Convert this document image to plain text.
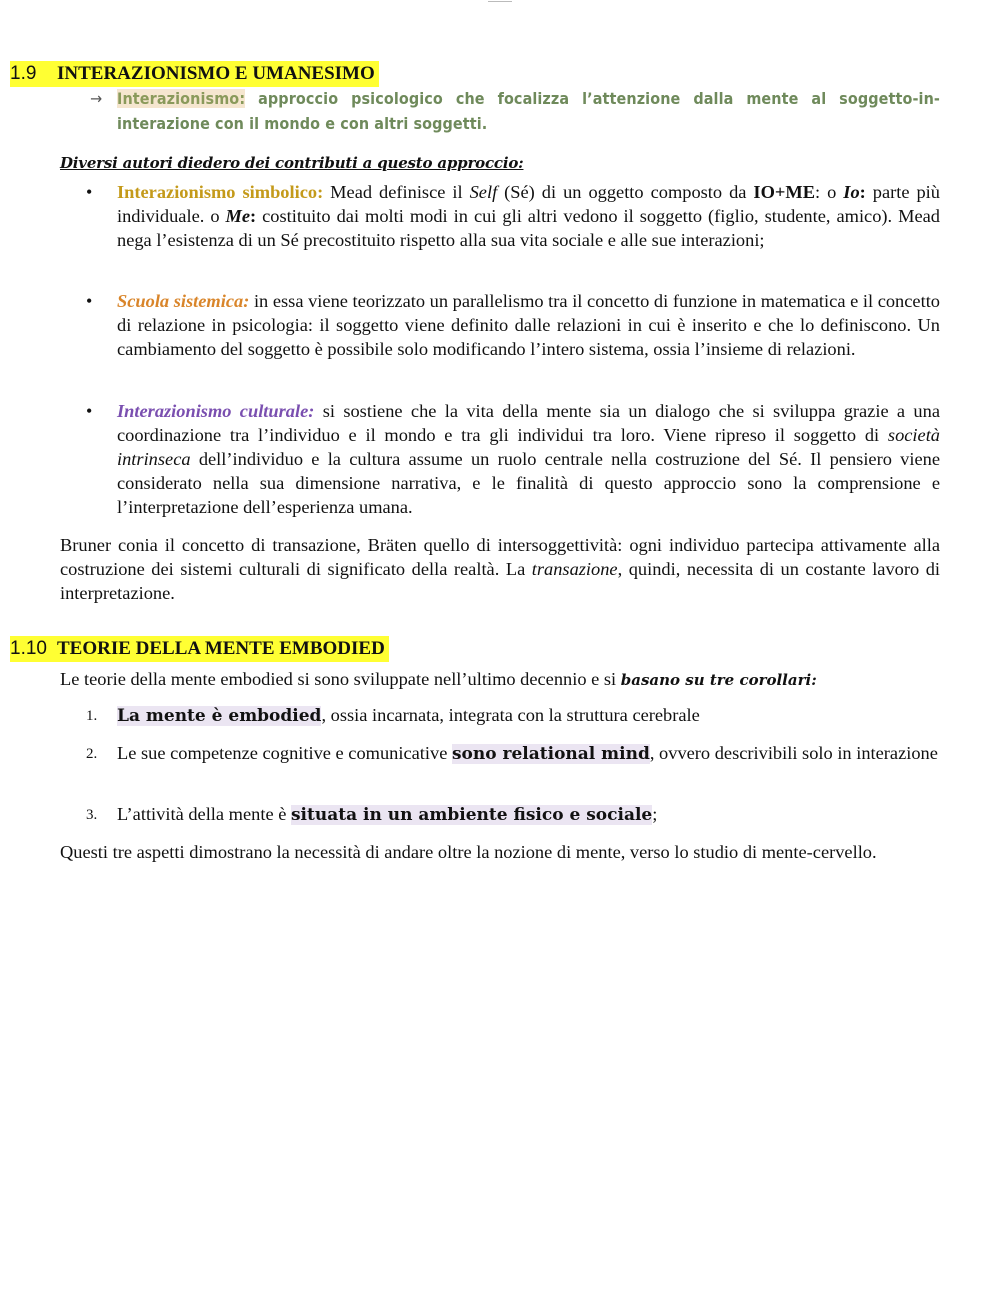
1.9 INTERAZIONISMO E UMANESIMO
→ Interazionismo: approccio psicologico che focalizza l’attenzione dalla mente al soggetto-in-interazione con il mondo e con altri soggetti.
Diversi autori diedero dei contributi a questo approccio:
• Interazionismo simbolico: Mead definisce il Self (Sé) di un oggetto composto da IO+ME: o Io: parte più individuale. o Me: costituito dai molti modi in cui gli altri vedono il soggetto (figlio, studente, amico). Mead nega l’esistenza di un Sé precostituito rispetto alla sua vita sociale e alle sue interazioni;
• Scuola sistemica: in essa viene teorizzato un parallelismo tra il concetto di funzione in matematica e il concetto di relazione in psicologia: il soggetto viene definito dalle relazioni in cui è inserito e che lo definiscono. Un cambiamento del soggetto è possibile solo modificando l’intero sistema, ossia l’insieme di relazioni.
• Interazionismo culturale: si sostiene che la vita della mente sia un dialogo che si sviluppa grazie a una coordinazione tra l’individuo e il mondo e tra gli individui tra loro. Viene ripreso il soggetto di società intrinseca dell’individuo e la cultura assume un ruolo centrale nella costruzione del Sé. Il pensiero viene considerato nella sua dimensione narrativa, e le finalità di questo approccio sono la comprensione e l’interpretazione dell’esperienza umana.
Bruner conia il concetto di transazione, Bräten quello di intersoggettività: ogni individuo partecipa attivamente alla costruzione dei sistemi culturali di significato della realtà. La transazione, quindi, necessita di un costante lavoro di interpretazione.
1.10 TEORIE DELLA MENTE EMBODIED
Le teorie della mente embodied si sono sviluppate nell’ultimo decennio e si basano su tre corollari:
1. La mente è embodied, ossia incarnata, integrata con la struttura cerebrale
2. Le sue competenze cognitive e comunicative sono relational mind, ovvero descrivibili solo in interazione
3. L’attività della mente è situata in un ambiente fisico e sociale;
Questi tre aspetti dimostrano la necessità di andare oltre la nozione di mente, verso lo studio di mente-cervello.
